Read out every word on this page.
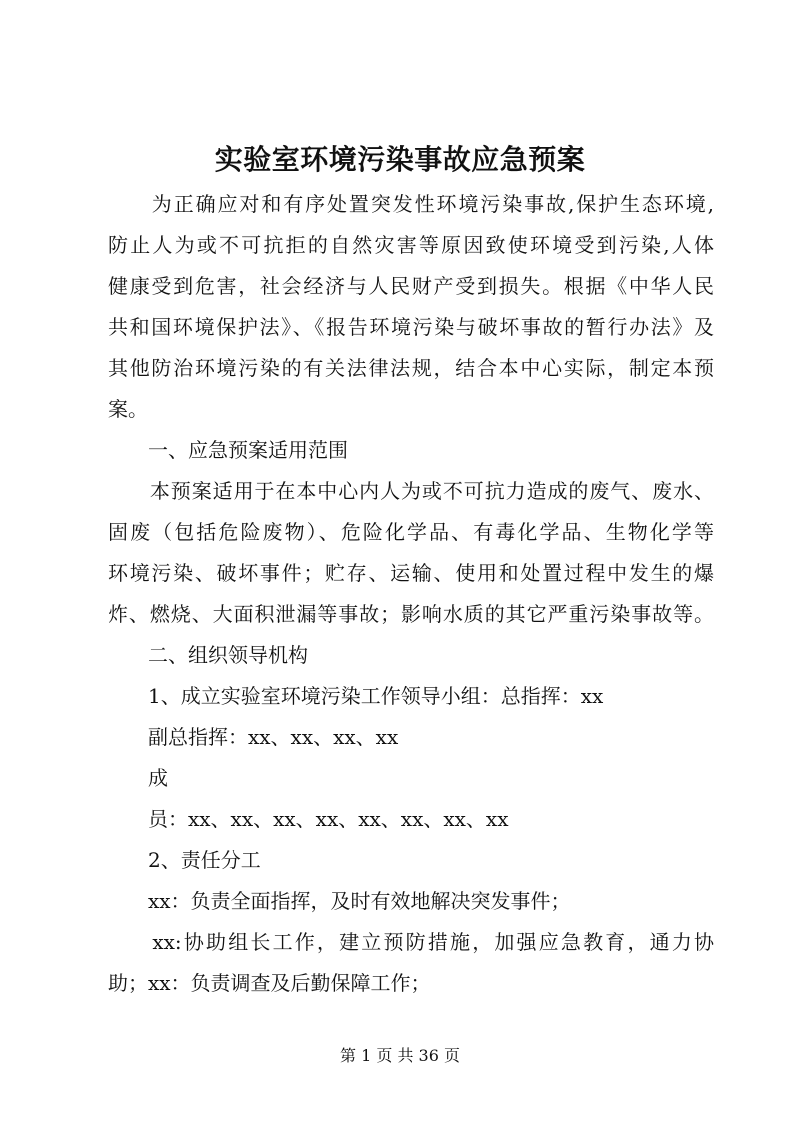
实验室环境污染事故应急预案
　　为正确应对和有序处置突发性环境污染事故,保护生态环境,
防止人为或不可抗拒的自然灾害等原因致使环境受到污染,人体
健康受到危害，社会经济与人民财产受到损失。根据《中华人民
共和国环境保护法》、《报告环境污染与破坏事故的暂行办法》及
其他防治环境污染的有关法律法规，结合本中心实际，制定本预
案。
　　一、应急预案适用范围
　　本预案适用于在本中心内人为或不可抗力造成的废气、废水、
固废（包括危险废物）、危险化学品、有毒化学品、生物化学等
环境污染、破坏事件；贮存、运输、使用和处置过程中发生的爆
炸、燃烧、大面积泄漏等事故；影响水质的其它严重污染事故等。
　　二、组织领导机构
　　1、成立实验室环境污染工作领导小组：总指挥：xx
　　副总指挥：xx、xx、xx、xx
　　成
　　员：xx、xx、xx、xx、xx、xx、xx、xx
　　2、责任分工
　　xx：负责全面指挥，及时有效地解决突发事件；
　　xx:协助组长工作，建立预防措施，加强应急教育，通力协
助；xx：负责调查及后勤保障工作；
第 1 页 共 36 页
